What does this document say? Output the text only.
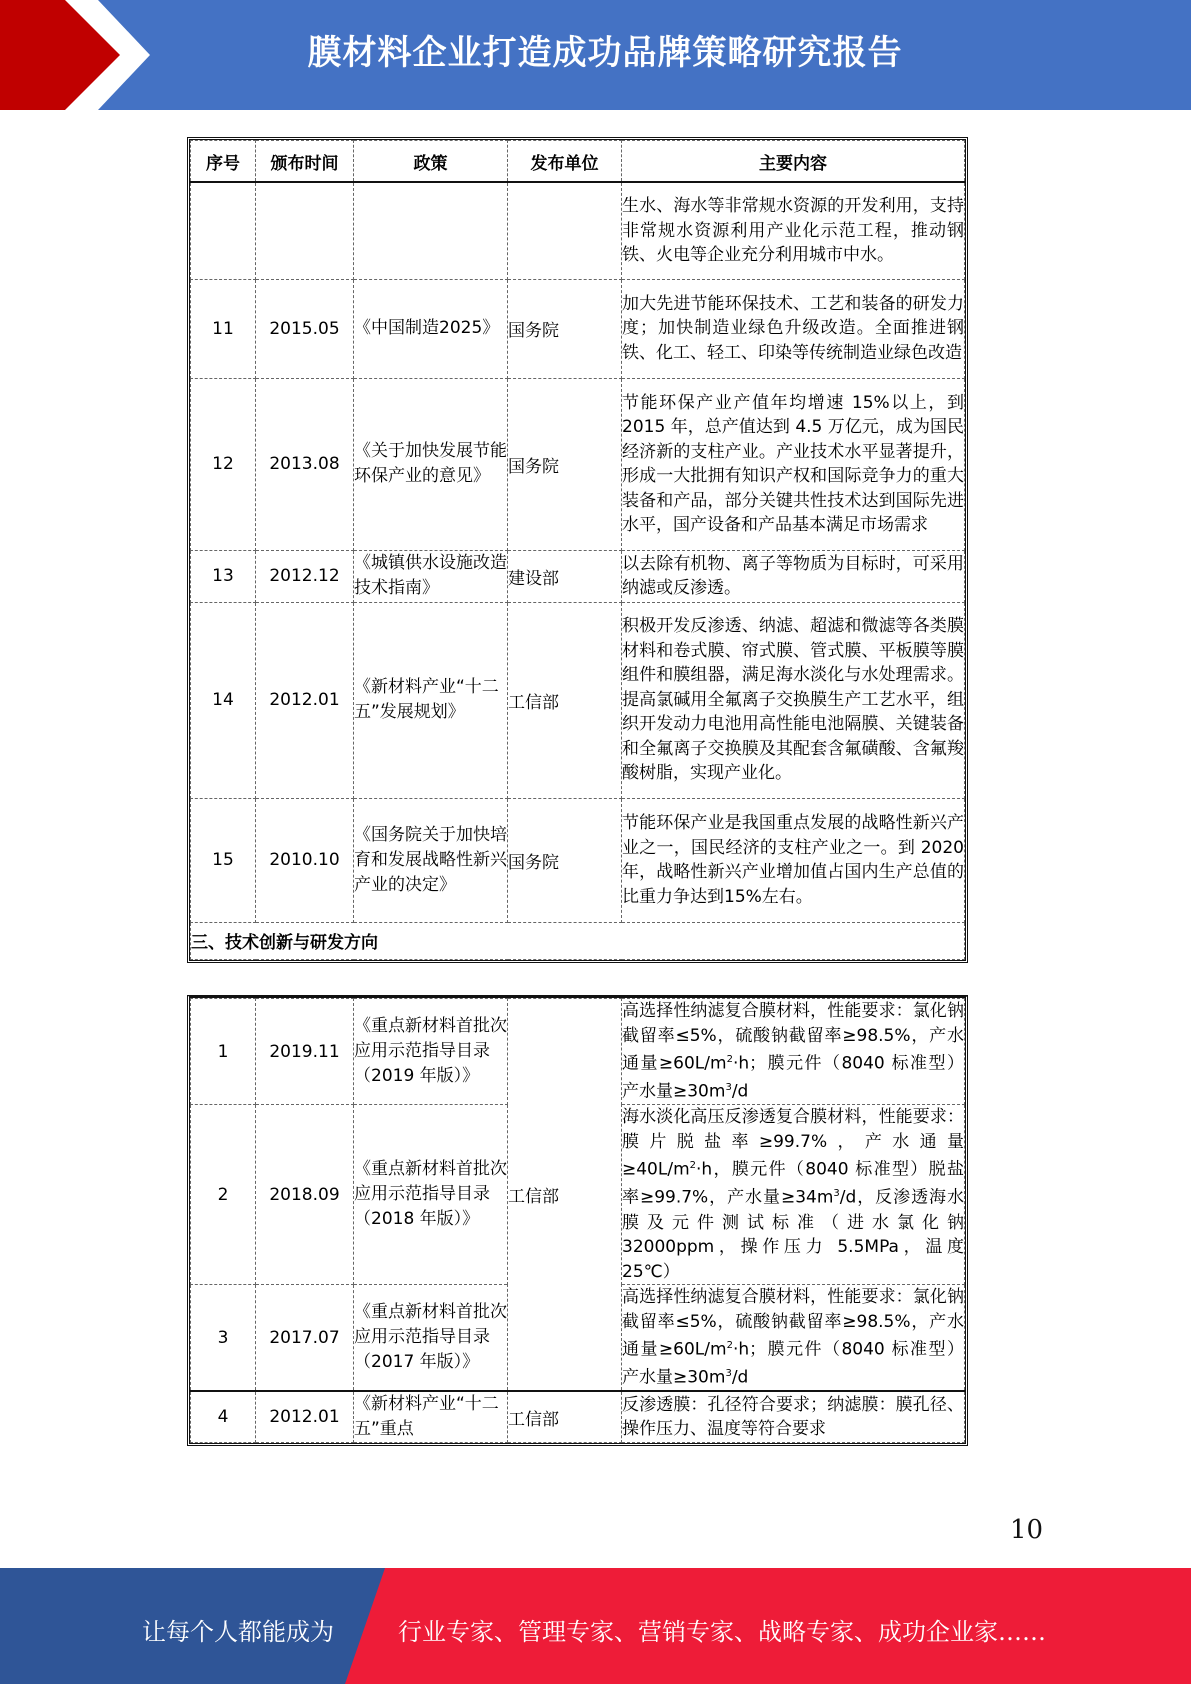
膜材料企业打造成功品牌策略研究报告
序号	颁布时间	政策	发布单位	主要内容
				生水、海水等非常规水资源的开发利用，支持非常规水资源利用产业化示范工程，推动钢铁、火电等企业充分利用城市中水。
11	2015.05	《中国制造2025》	国务院	加大先进节能环保技术、工艺和装备的研发力度；加快制造业绿色升级改造。全面推进钢铁、化工、轻工、印染等传统制造业绿色改造
12	2013.08	《关于加快发展节能环保产业的意见》	国务院	节能环保产业产值年均增速 15%以上，到 2015 年，总产值达到 4.5 万亿元，成为国民经济新的支柱产业。产业技术水平显著提升，形成一大批拥有知识产权和国际竞争力的重大装备和产品，部分关键共性技术达到国际先进水平，国产设备和产品基本满足市场需求
13	2012.12	《城镇供水设施改造技术指南》	建设部	以去除有机物、离子等物质为目标时，可采用纳滤或反渗透。
14	2012.01	《新材料产业“十二五”发展规划》	工信部	积极开发反渗透、纳滤、超滤和微滤等各类膜材料和卷式膜、帘式膜、管式膜、平板膜等膜组件和膜组器，满足海水淡化与水处理需求。提高氯碱用全氟离子交换膜生产工艺水平，组织开发动力电池用高性能电池隔膜、关键装备和全氟离子交换膜及其配套含氟磺酸、含氟羧酸树脂，实现产业化。
15	2010.10	《国务院关于加快培育和发展战略性新兴产业的决定》	国务院	节能环保产业是我国重点发展的战略性新兴产业之一，国民经济的支柱产业之一。到 2020 年，战略性新兴产业增加值占国内生产总值的比重力争达到15%左右。
三、技术创新与研发方向				
1	2019.11	《重点新材料首批次应用示范指导目录（2019 年版）》	工信部	高选择性纳滤复合膜材料，性能要求：氯化钠截留率≤5%，硫酸钠截留率≥98.5%，产水通量$\ge 60L/m^2\cdot h$；膜元件（8040 标准型）产水量$\ge 30m^3/d$
2	2018.09	《重点新材料首批次应用示范指导目录（2018 年版）》		海水淡化高压反渗透复合膜材料，性能要求：膜片脱盐率≥99.7%，产水通量$\ge 40L/m^2\cdot h$，膜元件（8040 标准型）脱盐率≥99.7%，产水量$\ge 34m^3/d$，反渗透海水膜及元件测试标准（进水氯化钠 32000ppm，操作压力 5.5MPa，温度 25℃）
3	2017.07	《重点新材料首批次应用示范指导目录（2017 年版）》		高选择性纳滤复合膜材料，性能要求：氯化钠截留率≤5%，硫酸钠截留率≥98.5%，产水通量$\ge 60L/m^2\cdot h$；膜元件（8040 标准型）产水量$\ge 30m^3/d$
4	2012.01	《新材料产业“十二五”重点	工信部	反渗透膜：孔径符合要求；纳滤膜：膜孔径、操作压力、温度等符合要求
10
让每个人都能成为	行业专家、管理专家、营销专家、战略专家、成功企业家……
